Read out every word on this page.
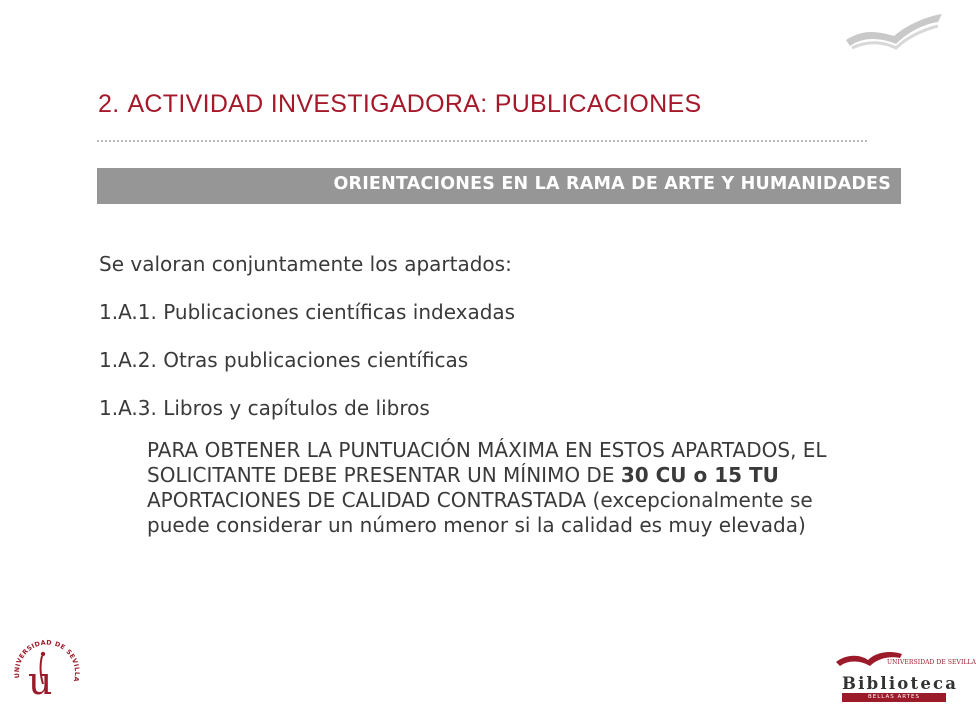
2. ACTIVIDAD INVESTIGADORA: PUBLICACIONES
ORIENTACIONES EN LA RAMA DE ARTE Y HUMANIDADES

Se valoran conjuntamente los apartados:

1.A.1. Publicaciones científicas indexadas

1.A.2. Otras publicaciones científicas

1.A.3. Libros y capítulos de libros

PARA OBTENER LA PUNTUACIÓN MÁXIMA EN ESTOS APARTADOS, EL SOLICITANTE DEBE PRESENTAR UN MÍNIMO DE 30 CU o 15 TU APORTACIONES DE CALIDAD CONTRASTADA (excepcionalmente se puede considerar un número menor si la calidad es muy elevada)

UNIVERSIDAD DE SEVILLA
u	UNIVERSIDAD DE SEVILLA
Biblioteca
BELLAS ARTES
